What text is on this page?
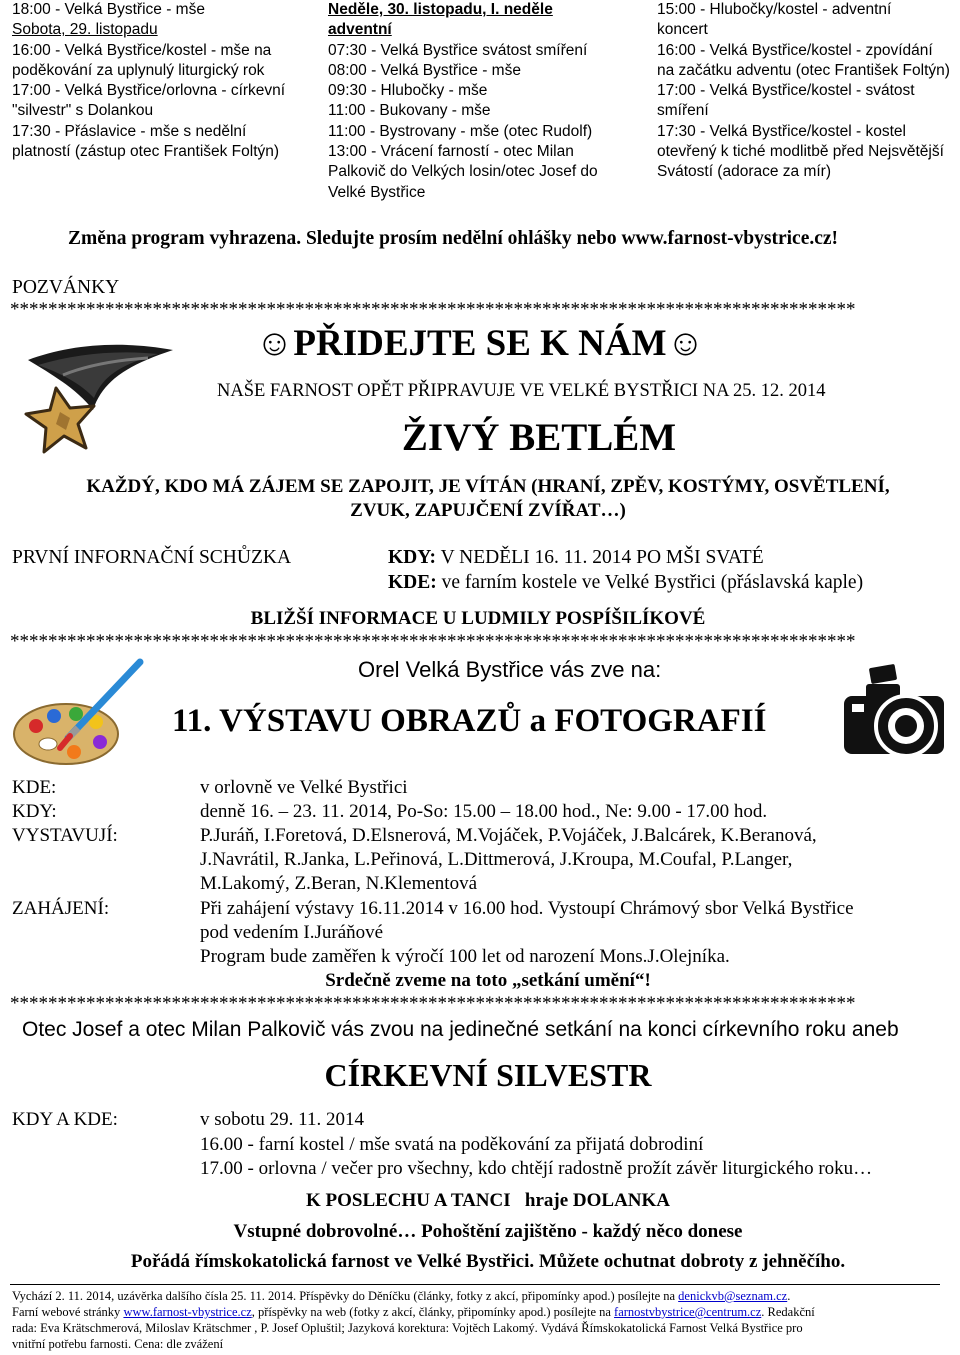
18:00 - Velká Bystřice - mše
Sobota, 29. listopadu
16:00 - Velká Bystřice/kostel - mše na
poděkování za uplynulý liturgický rok
17:00 - Velká Bystřice/orlovna - církevní
"silvestr" s Dolankou
17:30 - Přáslavice - mše s nedělní
platností (zástup otec František Foltýn)
Neděle, 30. listopadu, I. neděle
adventní
07:30 - Velká Bystřice svátost smíření
08:00 - Velká Bystřice - mše
09:30 - Hlubočky - mše
11:00 - Bukovany - mše
11:00 - Bystrovany - mše (otec Rudolf)
13:00 - Vrácení farností - otec Milan
Palkovič do Velkých losin/otec Josef do
Velké Bystřice
15:00 - Hlubočky/kostel - adventní
koncert
16:00 - Velká Bystřice/kostel - zpovídání
na začátku adventu (otec František Foltýn)
17:00 - Velká Bystřice/kostel - svátost
smíření
17:30 - Velká Bystřice/kostel - kostel
otevřený k tiché modlitbě před Nejsvětější
Svátostí (adorace za mír)
Změna program vyhrazena. Sledujte prosím nedělní ohlášky nebo www.farnost-vbystrice.cz!
POZVÁNKY
*****************************************************************************************
☺PŘIDEJTE SE K NÁM☺
NAŠE FARNOST OPĚT PŘIPRAVUJE VE VELKÉ BYSTŘICI NA 25. 12. 2014
ŽIVÝ BETLÉM
KAŽDÝ, KDO MÁ ZÁJEM SE ZAPOJIT, JE VÍTÁN (HRANÍ, ZPĚV, KOSTÝMY, OSVĚTLENÍ,
ZVUK, ZAPUJČENÍ ZVÍŘAT…)
PRVNÍ INFORNAČNÍ SCHŮZKA	KDY: V NEDĚLI 16. 11. 2014 PO MŠI SVATÉ
KDE: ve farním kostele ve Velké Bystřici (přáslavská kaple)
BLIŽŠÍ INFORMACE U LUDMILY POSPÍŠILÍKOVÉ
*****************************************************************************************
Orel Velká Bystřice vás zve na:
11. VÝSTAVU OBRAZŮ a FOTOGRAFIÍ
KDE:	v orlovně ve Velké Bystřici
KDY:	denně 16. – 23. 11. 2014, Po-So: 15.00 – 18.00 hod., Ne: 9.00 - 17.00 hod.
VYSTAVUJÍ:	P.Juráň, I.Foretová, D.Elsnerová, M.Vojáček, P.Vojáček, J.Balcárek, K.Beranová,
J.Navrátil, R.Janka, L.Peřinová, L.Dittmerová, J.Kroupa, M.Coufal, P.Langer,
M.Lakomý, Z.Beran, N.Klementová
ZAHÁJENÍ:	Při zahájení výstavy 16.11.2014 v 16.00 hod. Vystoupí Chrámový sbor Velká Bystřice
pod vedením I.Juráňové
Program bude zaměřen k výročí 100 let od narození Mons.J.Olejníka.
Srdečně zveme na toto „setkání umění“!
*****************************************************************************************
Otec Josef a otec Milan Palkovič vás zvou na jedinečné setkání na konci církevního roku aneb
CÍRKEVNÍ SILVESTR
KDY A KDE:	v sobotu 29. 11. 2014
16.00 - farní kostel / mše svatá na poděkování za přijatá dobrodiní
17.00 - orlovna / večer pro všechny, kdo chtějí radostně prožít závěr liturgického roku…
K POSLECHU A TANCI   hraje DOLANKA
Vstupné dobrovolné… Pohoštění zajištěno - každý něco donese
Pořádá římskokatolická farnost ve Velké Bystřici. Můžete ochutnat dobroty z jehněčího.
Vychází 2. 11. 2014, uzávěrka dalšího čísla 25. 11. 2014. Příspěvky do Děníčku (články, fotky z akcí, připomínky apod.) posílejte na denickvb@seznam.cz.
Farní webové stránky www.farnost-vbystrice.cz, příspěvky na web (fotky z akcí, články, připomínky apod.) posílejte na farnostvbystrice@centrum.cz. Redakční
rada: Eva Krätschmerová, Miloslav Krätschmer , P. Josef Opluštil; Jazyková korektura: Vojtěch Lakomý. Vydává Římskokatolická Farnost Velká Bystřice pro
vnitřní potřebu farnosti. Cena: dle zvážení
